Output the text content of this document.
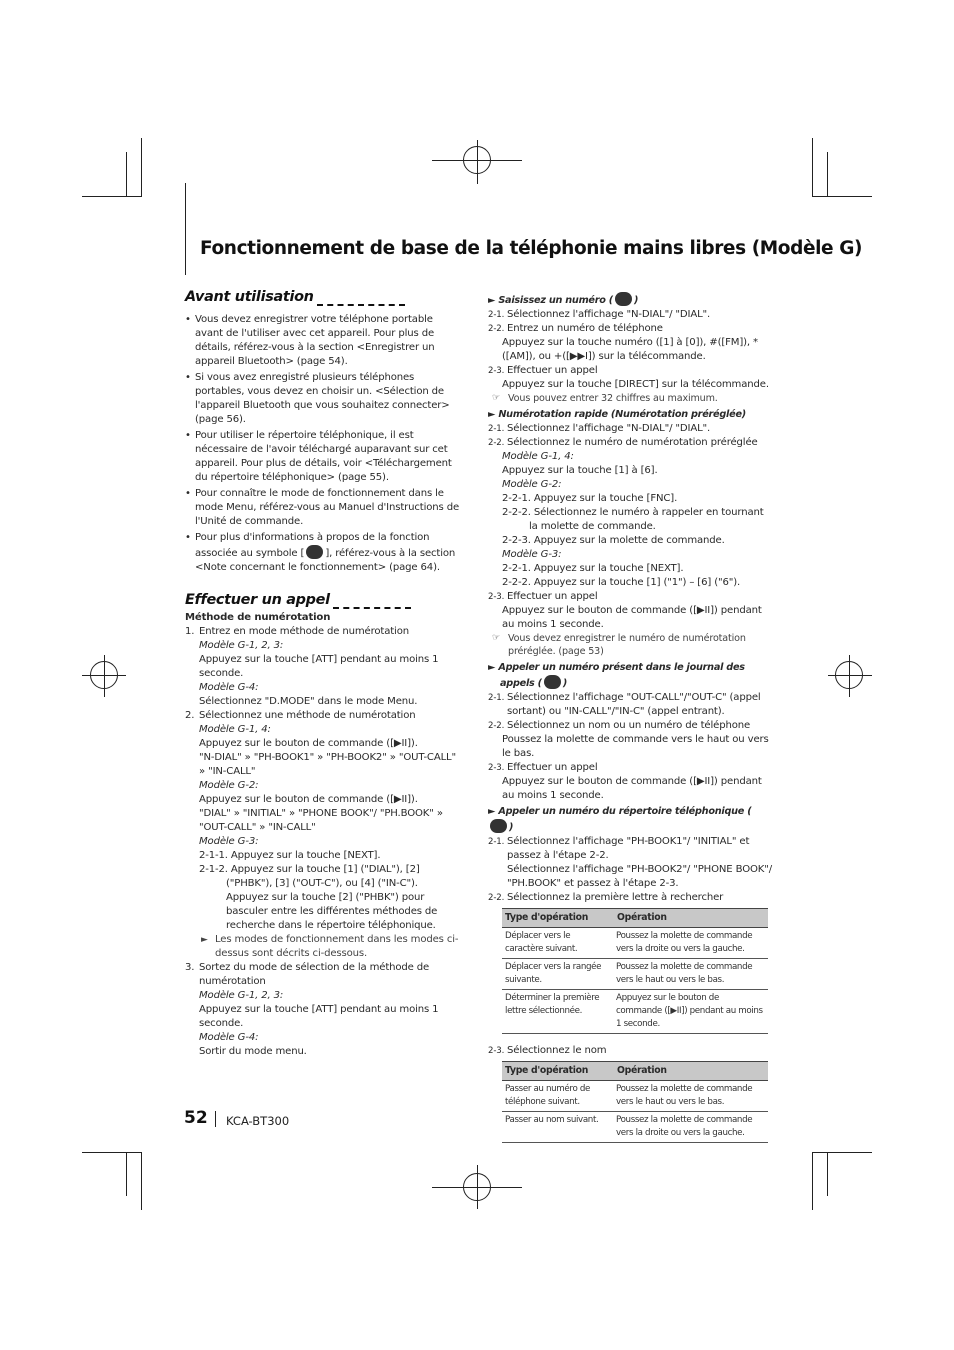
Fonctionnement de base de la téléphonie mains libres (Modèle G)
Avant utilisation
• Vous devez enregistrer votre téléphone portable avant de l'utiliser avec cet appareil. Pour plus de détails, référez-vous à la section <Enregistrer un appareil Bluetooth> (page 54).
• Si vous avez enregistré plusieurs téléphones portables, vous devez en choisir un. <Sélection de l'appareil Bluetooth que vous souhaitez connecter> (page 56).
• Pour utiliser le répertoire téléphonique, il est nécessaire de l'avoir téléchargé auparavant sur cet appareil. Pour plus de détails, voir <Téléchargement du répertoire téléphonique> (page 55).
• Pour connaître le mode de fonctionnement dans le mode Menu, référez-vous au Manuel d'Instructions de l'Unité de commande.
• Pour plus d'informations à propos de la fonction associée au symbole [ ], référez-vous à la section <Note concernant le fonctionnement> (page 64).
Effectuer un appel
Méthode de numérotation
1. Entrez en mode méthode de numérotation
Modèle G-1, 2, 3:
Appuyez sur la touche [ATT] pendant au moins 1 seconde.
Modèle G-4:
Sélectionnez "D.MODE" dans le mode Menu.
2. Sélectionnez une méthode de numérotation
Modèle G-1, 4:
Appuyez sur le bouton de commande ([▶II]).
"N-DIAL" » "PH-BOOK1" » "PH-BOOK2" » "OUT-CALL" » "IN-CALL"
Modèle G-2:
Appuyez sur le bouton de commande ([▶II]).
"DIAL" » "INITIAL" » "PHONE BOOK"/ "PH.BOOK" » "OUT-CALL" » "IN-CALL"
Modèle G-3:
2-1-1. Appuyez sur la touche [NEXT].
2-1-2. Appuyez sur la touche [1] ("DIAL"), [2] ("PHBK"), [3] ("OUT-C"), ou [4] ("IN-C").
Appuyez sur la touche [2] ("PHBK") pour basculer entre les différentes méthodes de recherche dans le répertoire téléphonique.
► Les modes de fonctionnement dans les modes ci-dessus sont décrits ci-dessous.
3. Sortez du mode de sélection de la méthode de numérotation
Modèle G-1, 2, 3:
Appuyez sur la touche [ATT] pendant au moins 1 seconde.
Modèle G-4:
Sortir du mode menu.
► Saisissez un numéro ( )
2-1. Sélectionnez l'affichage "N-DIAL"/ "DIAL".
2-2. Entrez un numéro de téléphone
Appuyez sur la touche numéro ([1] à [0]), #([FM]), *([AM]), ou +([▶▶I]) sur la télécommande.
2-3. Effectuer un appel
Appuyez sur la touche [DIRECT] sur la télécommande.
☞ Vous pouvez entrer 32 chiffres au maximum.
► Numérotation rapide (Numérotation préréglée)
2-1. Sélectionnez l'affichage "N-DIAL"/ "DIAL".
2-2. Sélectionnez le numéro de numérotation préréglée
Modèle G-1, 4:
Appuyez sur la touche [1] à [6].
Modèle G-2:
2-2-1. Appuyez sur la touche [FNC].
2-2-2. Sélectionnez le numéro à rappeler en tournant la molette de commande.
2-2-3. Appuyez sur la molette de commande.
Modèle G-3:
2-2-1. Appuyez sur la touche [NEXT].
2-2-2. Appuyez sur la touche [1] ("1") – [6] ("6").
2-3. Effectuer un appel
Appuyez sur le bouton de commande ([▶II]) pendant au moins 1 seconde.
☞ Vous devez enregistrer le numéro de numérotation préréglée. (page 53)
► Appeler un numéro présent dans le journal des
appels ( )
2-1. Sélectionnez l'affichage "OUT-CALL"/"OUT-C" (appel sortant) ou "IN-CALL"/"IN-C" (appel entrant).
2-2. Sélectionnez un nom ou un numéro de téléphone
Poussez la molette de commande vers le haut ou vers le bas.
2-3. Effectuer un appel
Appuyez sur le bouton de commande ([▶II]) pendant au moins 1 seconde.
► Appeler un numéro du répertoire téléphonique ()
2-1. Sélectionnez l'affichage "PH-BOOK1"/ "INITIAL" et passez à l'étape 2-2.
Sélectionnez l'affichage "PH-BOOK2"/ "PHONE BOOK"/ "PH.BOOK" et passez à l'étape 2-3.
2-2. Sélectionnez la première lettre à rechercher
Type d'opération	Opération
Déplacer vers le caractère suivant.	Poussez la molette de commande vers la droite ou vers la gauche.
Déplacer vers la rangée suivante.	Poussez la molette de commande vers le haut ou vers le bas.
Déterminer la première lettre sélectionnée.	Appuyez sur le bouton de commande ([▶II]) pendant au moins 1 seconde.
2-3. Sélectionnez le nom
Type d'opération	Opération
Passer au numéro de téléphone suivant.	Poussez la molette de commande vers le haut ou vers le bas.
Passer au nom suivant.	Poussez la molette de commande vers la droite ou vers la gauche.
52 KCA-BT300
